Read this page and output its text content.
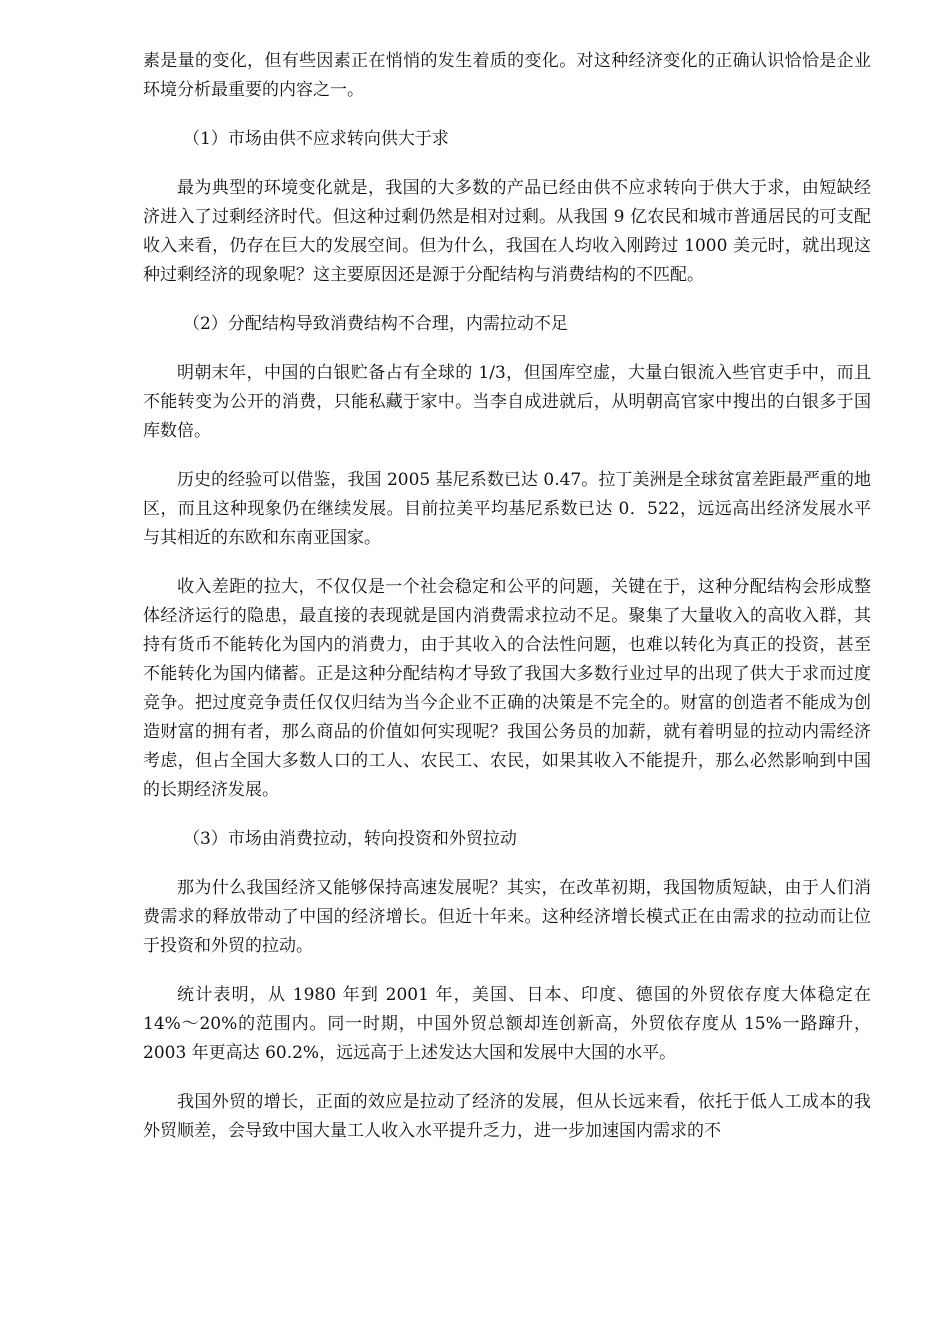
素是量的变化，但有些因素正在悄悄的发生着质的变化。对这种经济变化的正确认识恰恰是企业环境分析最重要的内容之一。

（1）市场由供不应求转向供大于求

最为典型的环境变化就是，我国的大多数的产品已经由供不应求转向于供大于求，由短缺经济进入了过剩经济时代。但这种过剩仍然是相对过剩。从我国 9 亿农民和城市普通居民的可支配收入来看，仍存在巨大的发展空间。但为什么，我国在人均收入刚跨过 1000 美元时，就出现这种过剩经济的现象呢？这主要原因还是源于分配结构与消费结构的不匹配。

（2）分配结构导致消费结构不合理，内需拉动不足

明朝末年，中国的白银贮备占有全球的 1/3，但国库空虚，大量白银流入些官吏手中，而且不能转变为公开的消费，只能私藏于家中。当李自成进就后，从明朝高官家中搜出的白银多于国库数倍。

历史的经验可以借鉴，我国 2005 基尼系数已达 0.47。拉丁美洲是全球贫富差距最严重的地区，而且这种现象仍在继续发展。目前拉美平均基尼系数已达 0．522，远远高出经济发展水平与其相近的东欧和东南亚国家。

收入差距的拉大，不仅仅是一个社会稳定和公平的问题，关键在于，这种分配结构会形成整体经济运行的隐患，最直接的表现就是国内消费需求拉动不足。聚集了大量收入的高收入群，其持有货币不能转化为国内的消费力，由于其收入的合法性问题，也难以转化为真正的投资，甚至不能转化为国内储蓄。正是这种分配结构才导致了我国大多数行业过早的出现了供大于求而过度竞争。把过度竞争责任仅仅归结为当今企业不正确的决策是不完全的。财富的创造者不能成为创造财富的拥有者，那么商品的价值如何实现呢？我国公务员的加薪，就有着明显的拉动内需经济考虑，但占全国大多数人口的工人、农民工、农民，如果其收入不能提升，那么必然影响到中国的长期经济发展。

（3）市场由消费拉动，转向投资和外贸拉动

那为什么我国经济又能够保持高速发展呢？其实，在改革初期，我国物质短缺，由于人们消费需求的释放带动了中国的经济增长。但近十年来。这种经济增长模式正在由需求的拉动而让位于投资和外贸的拉动。

统计表明，从 1980 年到 2001 年，美国、日本、印度、德国的外贸依存度大体稳定在 14%～20%的范围内。同一时期，中国外贸总额却连创新高，外贸依存度从 15%一路蹿升，2003 年更高达 60.2%，远远高于上述发达大国和发展中大国的水平。

我国外贸的增长，正面的效应是拉动了经济的发展，但从长远来看，依托于低人工成本的我外贸顺差，会导致中国大量工人收入水平提升乏力，进一步加速国内需求的不
